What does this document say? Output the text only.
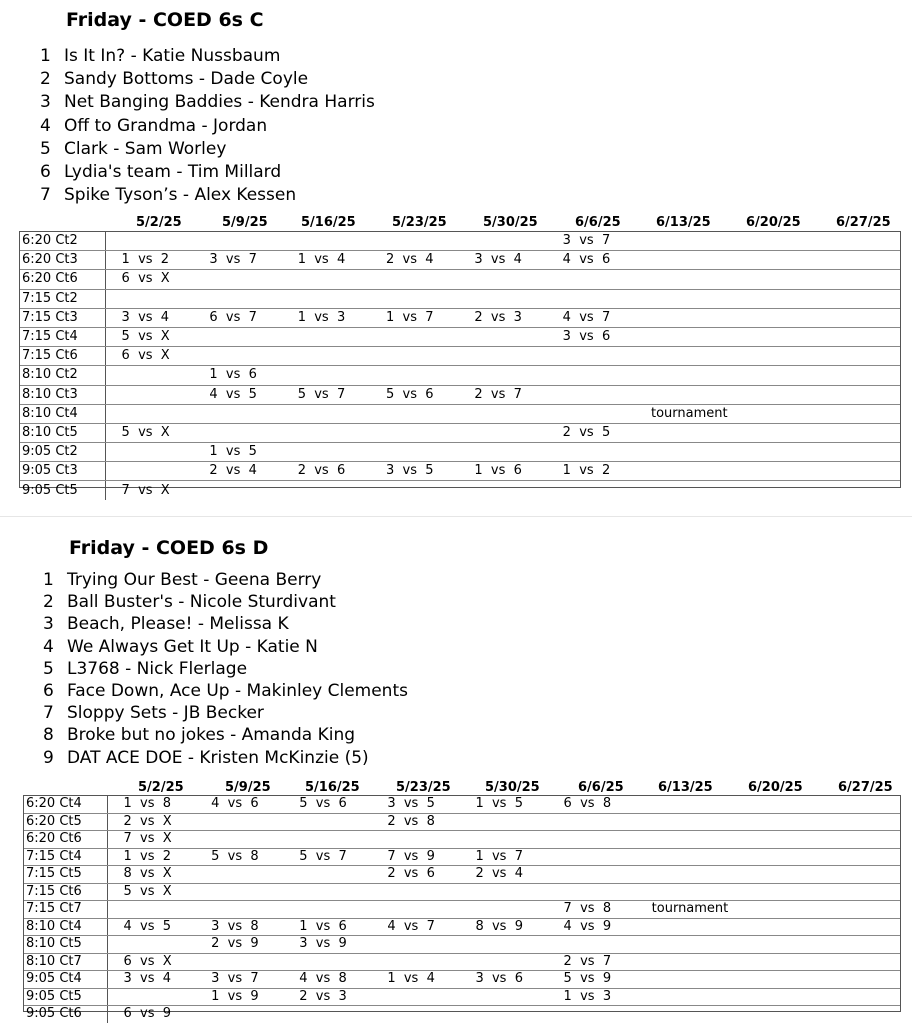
Friday - COED 6s C
1 Is It In? - Katie Nussbaum
2 Sandy Bottoms - Dade Coyle
3 Net Banging Baddies - Kendra Harris
4 Off to Grandma - Jordan
5 Clark - Sam Worley
6 Lydia's team - Tim Millard
7 Spike Tyson’s - Alex Kessen
5/2/25	5/9/25	5/16/25	5/23/25	5/30/25	6/6/25	6/13/25	6/20/25	6/27/25
6:20 Ct2						3  vs  7			
6:20 Ct3	1  vs  2	3  vs  7	1  vs  4	2  vs  4	3  vs  4	4  vs  6			
6:20 Ct6	6  vs  X								
7:15 Ct2									
7:15 Ct3	3  vs  4	6  vs  7	1  vs  3	1  vs  7	2  vs  3	4  vs  7			
7:15 Ct4	5  vs  X					3  vs  6			
7:15 Ct6	6  vs  X								
8:10 Ct2		1  vs  6							
8:10 Ct3		4  vs  5	5  vs  7	5  vs  6	2  vs  7				
8:10 Ct4							tournament		
8:10 Ct5	5  vs  X					2  vs  5			
9:05 Ct2		1  vs  5							
9:05 Ct3		2  vs  4	2  vs  6	3  vs  5	1  vs  6	1  vs  2			
9:05 Ct5	7  vs  X								
Friday - COED 6s D
1 Trying Our Best - Geena Berry
2 Ball Buster's - Nicole Sturdivant
3 Beach, Please! - Melissa K
4 We Always Get It Up - Katie N
5 L3768 - Nick Flerlage
6 Face Down, Ace Up - Makinley Clements
7 Sloppy Sets - JB Becker
8 Broke but no jokes - Amanda King
9 DAT ACE DOE - Kristen McKinzie (5)
5/2/25	5/9/25	5/16/25	5/23/25	5/30/25	6/6/25	6/13/25	6/20/25	6/27/25
6:20 Ct4	1  vs  8	4  vs  6	5  vs  6	3  vs  5	1  vs  5	6  vs  8			
6:20 Ct5	2  vs  X			2  vs  8					
6:20 Ct6	7  vs  X								
7:15 Ct4	1  vs  2	5  vs  8	5  vs  7	7  vs  9	1  vs  7				
7:15 Ct5	8  vs  X			2  vs  6	2  vs  4				
7:15 Ct6	5  vs  X								
7:15 Ct7						7  vs  8	tournament		
8:10 Ct4	4  vs  5	3  vs  8	1  vs  6	4  vs  7	8  vs  9	4  vs  9			
8:10 Ct5		2  vs  9	3  vs  9						
8:10 Ct7	6  vs  X					2  vs  7			
9:05 Ct4	3  vs  4	3  vs  7	4  vs  8	1  vs  4	3  vs  6	5  vs  9			
9:05 Ct5		1  vs  9	2  vs  3			1  vs  3			
9:05 Ct6	6  vs  9								
